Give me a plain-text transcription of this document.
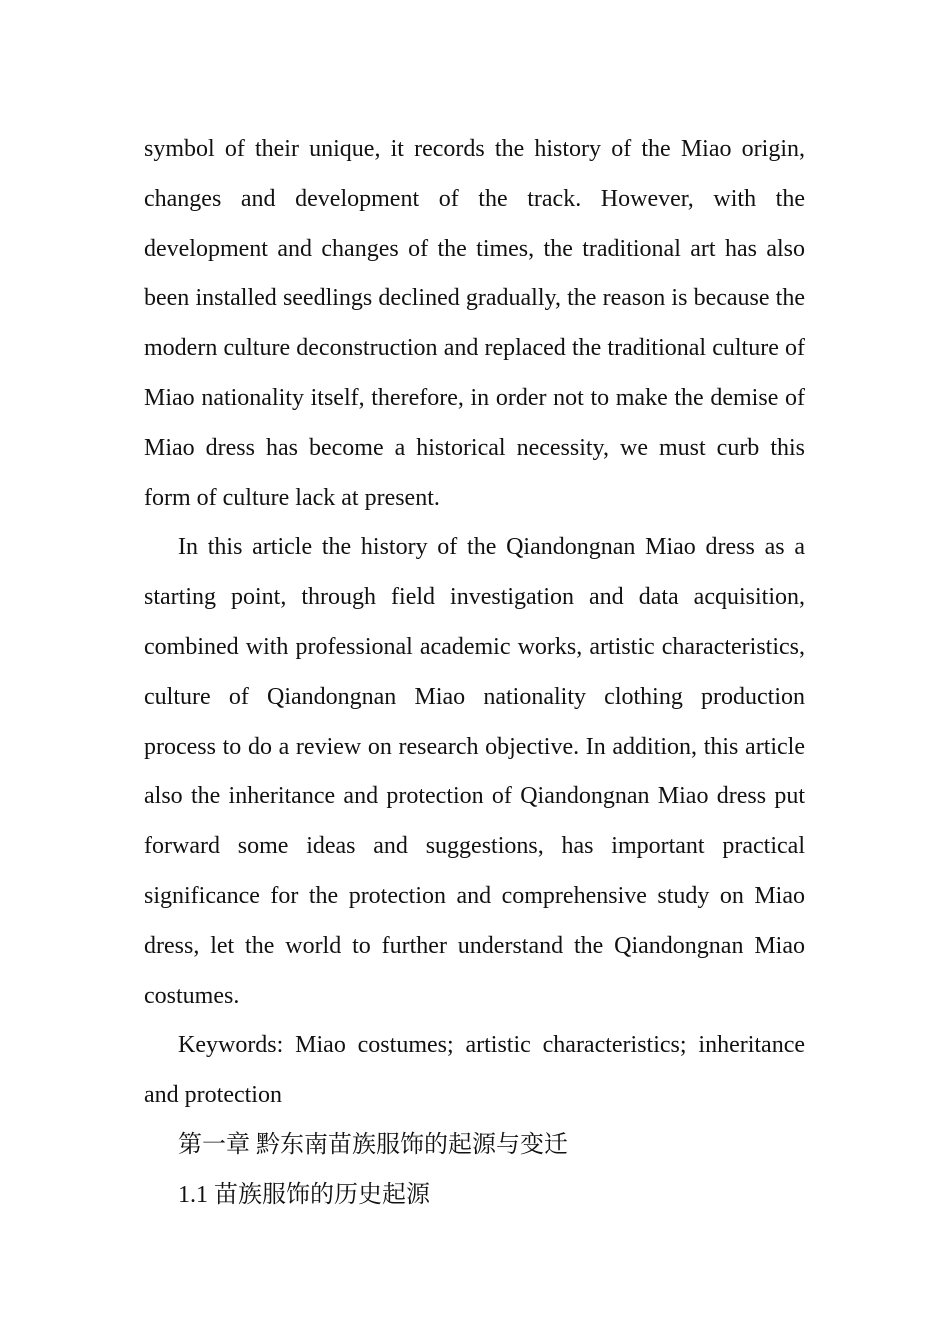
symbol of their unique, it records the history of the Miao origin, changes and development of the track. However, with the development and changes of the times, the traditional art has also been installed seedlings declined gradually, the reason is because the modern culture deconstruction and replaced the traditional culture of Miao nationality itself, therefore, in order not to make the demise of Miao dress has become a historical necessity, we must curb this form of culture lack at present.

In this article the history of the Qiandongnan Miao dress as a starting point, through field investigation and data acquisition, combined with professional academic works, artistic characteristics, culture of Qiandongnan Miao nationality clothing production process to do a review on research objective. In addition, this article also the inheritance and protection of Qiandongnan Miao dress put forward some ideas and suggestions, has important practical significance for the protection and comprehensive study on Miao dress, let the world to further understand the Qiandongnan Miao costumes.

Keywords: Miao costumes; artistic characteristics; inheritance and protection

第一章 黔东南苗族服饰的起源与变迁

1.1 苗族服饰的历史起源
